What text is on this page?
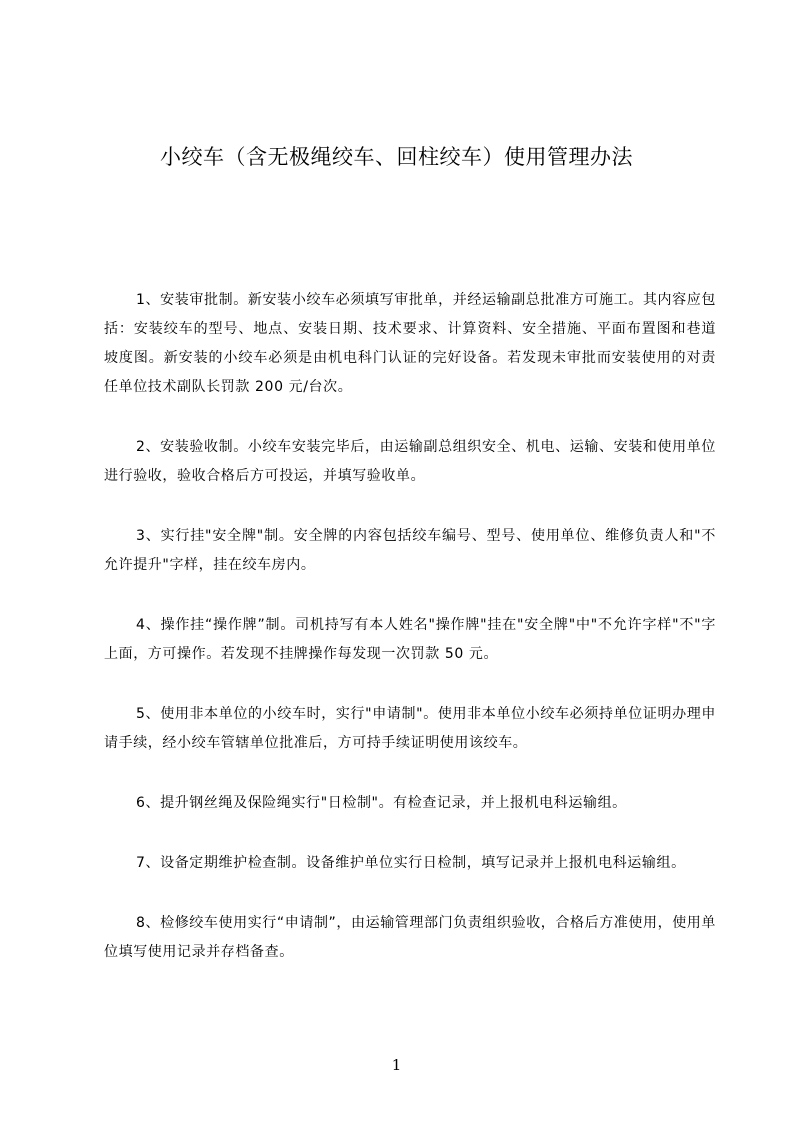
小绞车（含无极绳绞车、回柱绞车）使用管理办法

1、安装审批制。新安装小绞车必须填写审批单，并经运输副总批准方可施工。其内容应包括：安装绞车的型号、地点、安装日期、技术要求、计算资料、安全措施、平面布置图和巷道坡度图。新安装的小绞车必须是由机电科门认证的完好设备。若发现未审批而安装使用的对责任单位技术副队长罚款 200 元/台次。

2、安装验收制。小绞车安装完毕后，由运输副总组织安全、机电、运输、安装和使用单位进行验收，验收合格后方可投运，并填写验收单。

3、实行挂"安全牌"制。安全牌的内容包括绞车编号、型号、使用单位、维修负责人和"不允许提升"字样，挂在绞车房内。

4、操作挂“操作牌”制。司机持写有本人姓名"操作牌"挂在"安全牌"中"不允许字样"不"字上面，方可操作。若发现不挂牌操作每发现一次罚款 50 元。

5、使用非本单位的小绞车时，实行"申请制"。使用非本单位小绞车必须持单位证明办理申请手续，经小绞车管辖单位批准后，方可持手续证明使用该绞车。

6、提升钢丝绳及保险绳实行"日检制"。有检查记录，并上报机电科运输组。

7、设备定期维护检查制。设备维护单位实行日检制，填写记录并上报机电科运输组。

8、检修绞车使用实行“申请制”，由运输管理部门负责组织验收，合格后方准使用，使用单位填写使用记录并存档备查。

1
